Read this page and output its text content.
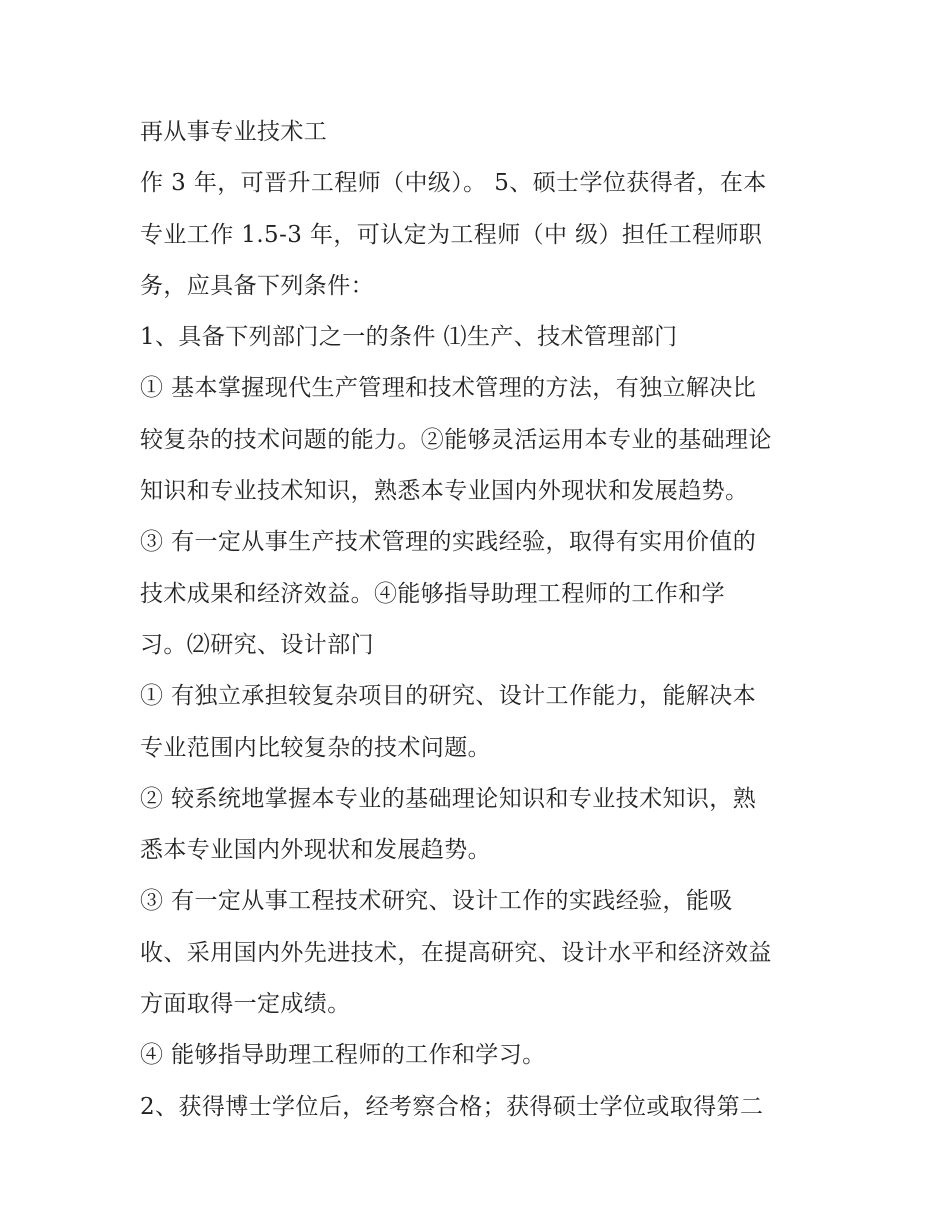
再从事专业技术工
作 3 年，可晋升工程师（中级）。 5、硕士学位获得者，在本
专业工作 1.5-3 年，可认定为工程师（中 级）担任工程师职
务，应具备下列条件：
1、具备下列部门之一的条件 ⑴生产、技术管理部门
① 基本掌握现代生产管理和技术管理的方法，有独立解决比
较复杂的技术问题的能力。②能够灵活运用本专业的基础理论
知识和专业技术知识，熟悉本专业国内外现状和发展趋势。
③ 有一定从事生产技术管理的实践经验，取得有实用价值的
技术成果和经济效益。④能够指导助理工程师的工作和学
习。⑵研究、设计部门
① 有独立承担较复杂项目的研究、设计工作能力，能解决本
专业范围内比较复杂的技术问题。
② 较系统地掌握本专业的基础理论知识和专业技术知识，熟
悉本专业国内外现状和发展趋势。
③ 有一定从事工程技术研究、设计工作的实践经验，能吸
收、采用国内外先进技术，在提高研究、设计水平和经济效益
方面取得一定成绩。
④ 能够指导助理工程师的工作和学习。
2、获得博士学位后，经考察合格；获得硕士学位或取得第二
